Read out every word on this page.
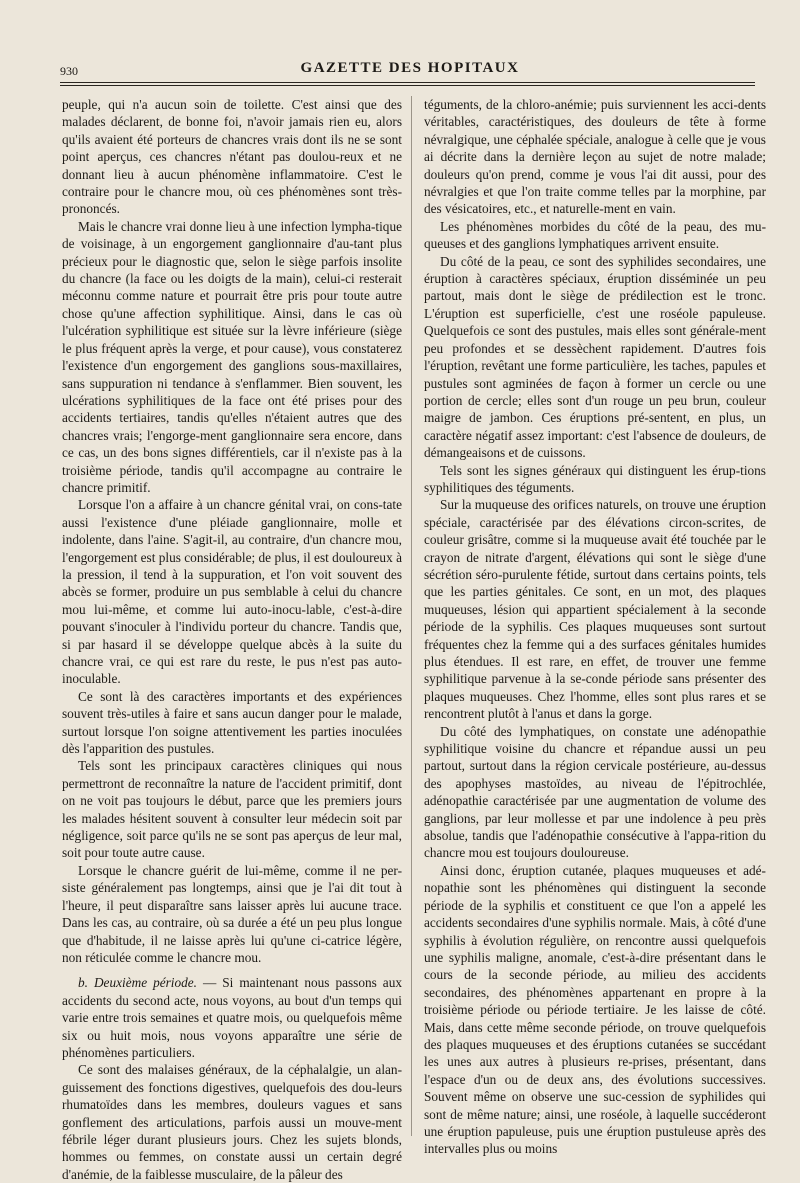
930	GAZETTE DES HOPITAUX

peuple, qui n'a aucun soin de toilette. C'est ainsi que des malades déclarent, de bonne foi, n'avoir jamais rien eu, alors qu'ils avaient été porteurs de chancres vrais dont ils ne se sont point aperçus, ces chancres n'étant pas doulou-reux et ne donnant lieu à aucun phénomène inflammatoire. C'est le contraire pour le chancre mou, où ces phénomènes sont très-prononcés.

Mais le chancre vrai donne lieu à une infection lympha-tique de voisinage, à un engorgement ganglionnaire d'au-tant plus précieux pour le diagnostic que, selon le siège parfois insolite du chancre (la face ou les doigts de la main), celui-ci resterait méconnu comme nature et pourrait être pris pour toute autre chose qu'une affection syphilitique. Ainsi, dans le cas où l'ulcération syphilitique est située sur la lèvre inférieure (siège le plus fréquent après la verge, et pour cause), vous constaterez l'existence d'un engorgement des ganglions sous-maxillaires, sans suppuration ni tendance à s'enflammer. Bien souvent, les ulcérations syphilitiques de la face ont été prises pour des accidents tertiaires, tandis qu'elles n'étaient autres que des chancres vrais; l'engorge-ment ganglionnaire sera encore, dans ce cas, un des bons signes différentiels, car il n'existe pas à la troisième période, tandis qu'il accompagne au contraire le chancre primitif.

Lorsque l'on a affaire à un chancre génital vrai, on cons-tate aussi l'existence d'une pléiade ganglionnaire, molle et indolente, dans l'aine. S'agit-il, au contraire, d'un chancre mou, l'engorgement est plus considérable; de plus, il est douloureux à la pression, il tend à la suppuration, et l'on voit souvent des abcès se former, produire un pus semblable à celui du chancre mou lui-même, et comme lui auto-inocu-lable, c'est-à-dire pouvant s'inoculer à l'individu porteur du chancre. Tandis que, si par hasard il se développe quelque abcès à la suite du chancre vrai, ce qui est rare du reste, le pus n'est pas auto-inoculable.

Ce sont là des caractères importants et des expériences souvent très-utiles à faire et sans aucun danger pour le malade, surtout lorsque l'on soigne attentivement les parties inoculées dès l'apparition des pustules.

Tels sont les principaux caractères cliniques qui nous permettront de reconnaître la nature de l'accident primitif, dont on ne voit pas toujours le début, parce que les premiers jours les malades hésitent souvent à consulter leur médecin soit par négligence, soit parce qu'ils ne se sont pas aperçus de leur mal, soit pour toute autre cause.

Lorsque le chancre guérit de lui-même, comme il ne per-siste généralement pas longtemps, ainsi que je l'ai dit tout à l'heure, il peut disparaître sans laisser après lui aucune trace. Dans les cas, au contraire, où sa durée a été un peu plus longue que d'habitude, il ne laisse après lui qu'une ci-catrice légère, non réticulée comme le chancre mou.

b. Deuxième période. — Si maintenant nous passons aux accidents du second acte, nous voyons, au bout d'un temps qui varie entre trois semaines et quatre mois, ou quelquefois même six ou huit mois, nous voyons apparaître une série de phénomènes particuliers.

Ce sont des malaises généraux, de la céphalalgie, un alan-guissement des fonctions digestives, quelquefois des dou-leurs rhumatoïdes dans les membres, douleurs vagues et sans gonflement des articulations, parfois aussi un mouve-ment fébrile léger durant plusieurs jours. Chez les sujets blonds, hommes ou femmes, on constate aussi un certain degré d'anémie, de la faiblesse musculaire, de la pâleur des

téguments, de la chloro-anémie; puis surviennent les acci-dents véritables, caractéristiques, des douleurs de tête à forme névralgique, une céphalée spéciale, analogue à celle que je vous ai décrite dans la dernière leçon au sujet de notre malade; douleurs qu'on prend, comme je vous l'ai dit aussi, pour des névralgies et que l'on traite comme telles par la morphine, par des vésicatoires, etc., et naturelle-ment en vain.

Les phénomènes morbides du côté de la peau, des mu-queuses et des ganglions lymphatiques arrivent ensuite.

Du côté de la peau, ce sont des syphilides secondaires, une éruption à caractères spéciaux, éruption disséminée un peu partout, mais dont le siège de prédilection est le tronc. L'éruption est superficielle, c'est une roséole papuleuse. Quelquefois ce sont des pustules, mais elles sont générale-ment peu profondes et se dessèchent rapidement. D'autres fois l'éruption, revêtant une forme particulière, les taches, papules et pustules sont agminées de façon à former un cercle ou une portion de cercle; elles sont d'un rouge un peu brun, couleur maigre de jambon. Ces éruptions pré-sentent, en plus, un caractère négatif assez important: c'est l'absence de douleurs, de démangeaisons et de cuissons.

Tels sont les signes généraux qui distinguent les érup-tions syphilitiques des téguments.

Sur la muqueuse des orifices naturels, on trouve une éruption spéciale, caractérisée par des élévations circon-scrites, de couleur grisâtre, comme si la muqueuse avait été touchée par le crayon de nitrate d'argent, élévations qui sont le siège d'une sécrétion séro-purulente fétide, surtout dans certains points, tels que les parties génitales. Ce sont, en un mot, des plaques muqueuses, lésion qui appartient spécialement à la seconde période de la syphilis. Ces plaques muqueuses sont surtout fréquentes chez la femme qui a des surfaces génitales humides plus étendues. Il est rare, en effet, de trouver une femme syphilitique parvenue à la se-conde période sans présenter des plaques muqueuses. Chez l'homme, elles sont plus rares et se rencontrent plutôt à l'anus et dans la gorge.

Du côté des lymphatiques, on constate une adénopathie syphilitique voisine du chancre et répandue aussi un peu partout, surtout dans la région cervicale postérieure, au-dessus des apophyses mastoïdes, au niveau de l'épitrochlée, adénopathie caractérisée par une augmentation de volume des ganglions, par leur mollesse et par une indolence à peu près absolue, tandis que l'adénopathie consécutive à l'appa-rition du chancre mou est toujours douloureuse.

Ainsi donc, éruption cutanée, plaques muqueuses et adé-nopathie sont les phénomènes qui distinguent la seconde période de la syphilis et constituent ce que l'on a appelé les accidents secondaires d'une syphilis normale. Mais, à côté d'une syphilis à évolution régulière, on rencontre aussi quelquefois une syphilis maligne, anomale, c'est-à-dire présentant dans le cours de la seconde période, au milieu des accidents secondaires, des phénomènes appartenant en propre à la troisième période ou période tertiaire. Je les laisse de côté. Mais, dans cette même seconde période, on trouve quelquefois des plaques muqueuses et des éruptions cutanées se succédant les unes aux autres à plusieurs re-prises, présentant, dans l'espace d'un ou de deux ans, des évolutions successives. Souvent même on observe une suc-cession de syphilides qui sont de même nature; ainsi, une roséole, à laquelle succéderont une éruption papuleuse, puis une éruption pustuleuse après des intervalles plus ou moins
